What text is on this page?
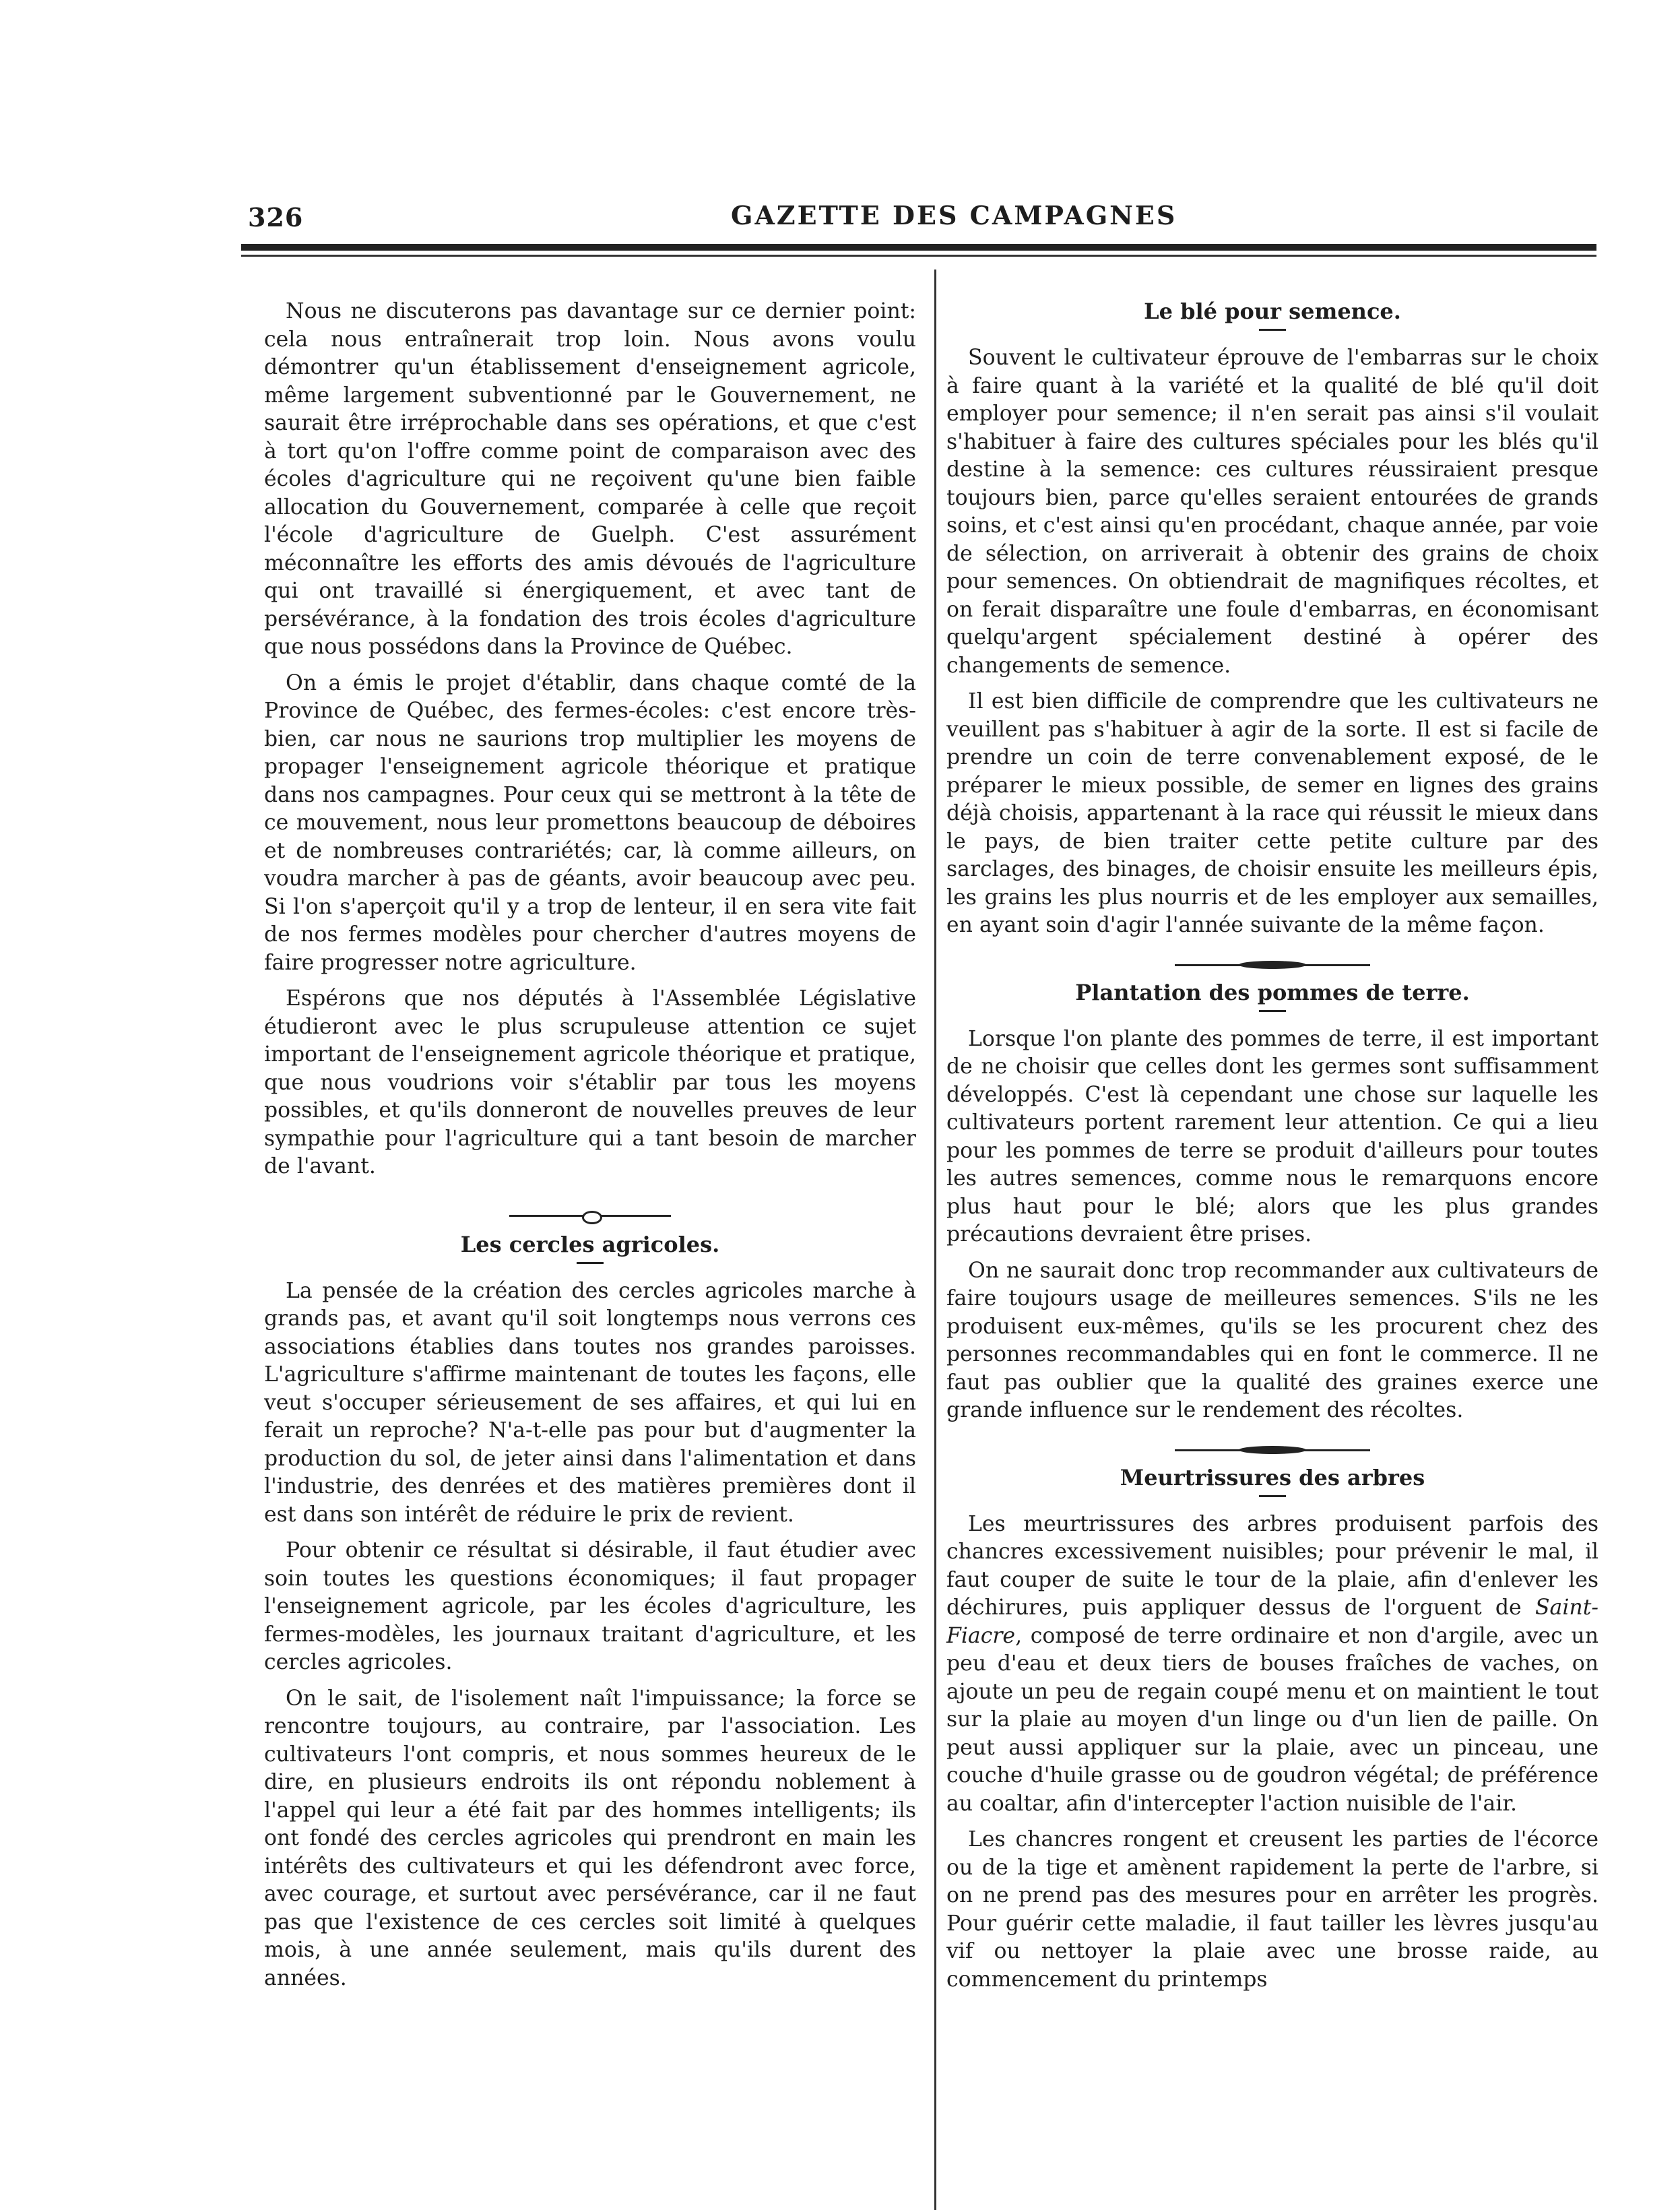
326	GAZETTE DES CAMPAGNES

Nous ne discuterons pas davantage sur ce dernier point: cela nous entraînerait trop loin. Nous avons voulu démontrer qu'un établissement d'enseignement agricole, même largement subventionné par le Gouvernement, ne saurait être irréprochable dans ses opérations, et que c'est à tort qu'on l'offre comme point de comparaison avec des écoles d'agriculture qui ne reçoivent qu'une bien faible allocation du Gouvernement, comparée à celle que reçoit l'école d'agriculture de Guelph. C'est assurément méconnaître les efforts des amis dévoués de l'agriculture qui ont travaillé si énergiquement, et avec tant de persévérance, à la fondation des trois écoles d'agriculture que nous possédons dans la Province de Québec.

On a émis le projet d'établir, dans chaque comté de la Province de Québec, des fermes-écoles: c'est encore très-bien, car nous ne saurions trop multiplier les moyens de propager l'enseignement agricole théorique et pratique dans nos campagnes. Pour ceux qui se mettront à la tête de ce mouvement, nous leur promettons beaucoup de déboires et de nombreuses contrariétés; car, là comme ailleurs, on voudra marcher à pas de géants, avoir beaucoup avec peu. Si l'on s'aperçoit qu'il y a trop de lenteur, il en sera vite fait de nos fermes modèles pour chercher d'autres moyens de faire progresser notre agriculture.

Espérons que nos députés à l'Assemblée Législative étudieront avec le plus scrupuleuse attention ce sujet important de l'enseignement agricole théorique et pratique, que nous voudrions voir s'établir par tous les moyens possibles, et qu'ils donneront de nouvelles preuves de leur sympathie pour l'agriculture qui a tant besoin de marcher de l'avant.

Les cercles agricoles.

La pensée de la création des cercles agricoles marche à grands pas, et avant qu'il soit longtemps nous verrons ces associations établies dans toutes nos grandes paroisses. L'agriculture s'affirme maintenant de toutes les façons, elle veut s'occuper sérieusement de ses affaires, et qui lui en ferait un reproche? N'a-t-elle pas pour but d'augmenter la production du sol, de jeter ainsi dans l'alimentation et dans l'industrie, des denrées et des matières premières dont il est dans son intérêt de réduire le prix de revient.

Pour obtenir ce résultat si désirable, il faut étudier avec soin toutes les questions économiques; il faut propager l'enseignement agricole, par les écoles d'agriculture, les fermes-modèles, les journaux traitant d'agriculture, et les cercles agricoles.

On le sait, de l'isolement naît l'impuissance; la force se rencontre toujours, au contraire, par l'association. Les cultivateurs l'ont compris, et nous sommes heureux de le dire, en plusieurs endroits ils ont répondu noblement à l'appel qui leur a été fait par des hommes intelligents; ils ont fondé des cercles agricoles qui prendront en main les intérêts des cultivateurs et qui les défendront avec force, avec courage, et surtout avec persévérance, car il ne faut pas que l'existence de ces cercles soit limité à quelques mois, à une année seulement, mais qu'ils durent des années.

Le blé pour semence.

Souvent le cultivateur éprouve de l'embarras sur le choix à faire quant à la variété et la qualité de blé qu'il doit employer pour semence; il n'en serait pas ainsi s'il voulait s'habituer à faire des cultures spéciales pour les blés qu'il destine à la semence: ces cultures réussiraient presque toujours bien, parce qu'elles seraient entourées de grands soins, et c'est ainsi qu'en procédant, chaque année, par voie de sélection, on arriverait à obtenir des grains de choix pour semences. On obtiendrait de magnifiques récoltes, et on ferait disparaître une foule d'embarras, en économisant quelqu'argent spécialement destiné à opérer des changements de semence.

Il est bien difficile de comprendre que les cultivateurs ne veuillent pas s'habituer à agir de la sorte. Il est si facile de prendre un coin de terre convenablement exposé, de le préparer le mieux possible, de semer en lignes des grains déjà choisis, appartenant à la race qui réussit le mieux dans le pays, de bien traiter cette petite culture par des sarclages, des binages, de choisir ensuite les meilleurs épis, les grains les plus nourris et de les employer aux semailles, en ayant soin d'agir l'année suivante de la même façon.

Plantation des pommes de terre.

Lorsque l'on plante des pommes de terre, il est important de ne choisir que celles dont les germes sont suffisamment développés. C'est là cependant une chose sur laquelle les cultivateurs portent rarement leur attention. Ce qui a lieu pour les pommes de terre se produit d'ailleurs pour toutes les autres semences, comme nous le remarquons encore plus haut pour le blé; alors que les plus grandes précautions devraient être prises.

On ne saurait donc trop recommander aux cultivateurs de faire toujours usage de meilleures semences. S'ils ne les produisent eux-mêmes, qu'ils se les procurent chez des personnes recommandables qui en font le commerce. Il ne faut pas oublier que la qualité des graines exerce une grande influence sur le rendement des récoltes.

Meurtrissures des arbres

Les meurtrissures des arbres produisent parfois des chancres excessivement nuisibles; pour prévenir le mal, il faut couper de suite le tour de la plaie, afin d'enlever les déchirures, puis appliquer dessus de l'orguent de Saint-Fiacre, composé de terre ordinaire et non d'argile, avec un peu d'eau et deux tiers de bouses fraîches de vaches, on ajoute un peu de regain coupé menu et on maintient le tout sur la plaie au moyen d'un linge ou d'un lien de paille. On peut aussi appliquer sur la plaie, avec un pinceau, une couche d'huile grasse ou de goudron végétal; de préférence au coaltar, afin d'intercepter l'action nuisible de l'air.

Les chancres rongent et creusent les parties de l'écorce ou de la tige et amènent rapidement la perte de l'arbre, si on ne prend pas des mesures pour en arrêter les progrès. Pour guérir cette maladie, il faut tailler les lèvres jusqu'au vif ou nettoyer la plaie avec une brosse raide, au commencement du printemps
